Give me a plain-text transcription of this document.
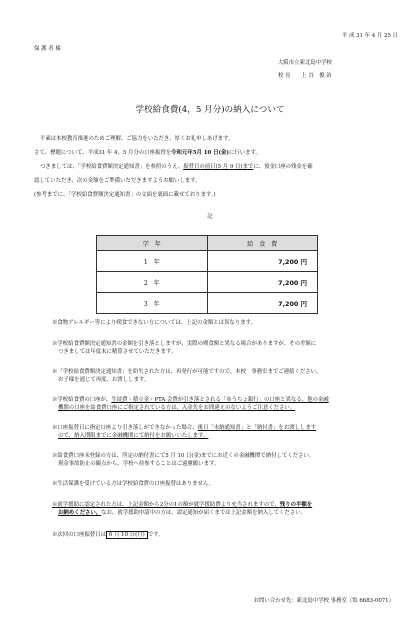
平 成 31 年 4 月 25 日
保 護 者 様
大阪市立新北島中学校
校 長　　上 谷　俊 治
学校給食費(4，5 月分)の納入について
平素は本校教育推進のためご理解、ご協力をいただき、厚くお礼申しあげます。
さて、標題について、平成31 年 4，5 月分の口座振替を令和元年5月 10 日(金)に行います。
つきましては、「学校給食費額決定通知書」を参照のうえ、振替日の前日(5 月 9 日)までに、預金口座の残金を確
認していただき、次の金額をご準備いただきますようお願いします。
(参考までに、「学校給食費額決定通知書」の文面を裏面に載せております。)
記
学　年	給　食　費
1　年	7,200 円
2　年	7,200 円
3　年	7,200 円
※食物アレルギー等により喫食できない方については、上記の金額とは異なります。
※学校給食費額決定通知書の金額を引き落としますが、実際の喫食額と異なる場合がありますが、その差額に
つきましては年度末に精算させていただきます。
※「学校給食費額決定通知書」を紛失された方は、再発行が可能ですので、本校　事務室までご連絡ください。
お子様を通じて再度、お渡しします。
※学校給食費の口座が、生徒費・積立金・PTA 会費が引き落とされる「ゆうちょ銀行」の口座と異なる、他の金融
機関の口座を給食費口座にご指定されている方は、入金先をお間違えのないようご注意ください。
※口座振替日に指定口座より引き落しができなかった場合、後日「未納通知書」と「納付書」をお渡しします
ので、納入期限までに金融機関にて納付をお願いいたします。
※給食費口座未登録の方は、所定の納付書にて5 月 10 日(金)までにお近くの金融機関で納付してください。
現金事故防止の観点から、学校へ持参することはご遠慮願います。
※生活保護を受けている方は学校給食費の口座振替はありません。
※就学援助に認定された方は、上記金額から2分の1の額が就学援助費より充当されますので、残りの半額を
お納めください。なお、就学援助申請中の方は、認定通知が届くまでは上記金額を納入してください。
※次回の口座振替日は 6 月 10 日(月) です。
お問い合わせ先：新北島中学校 事務室（℡ 6683-0071）
